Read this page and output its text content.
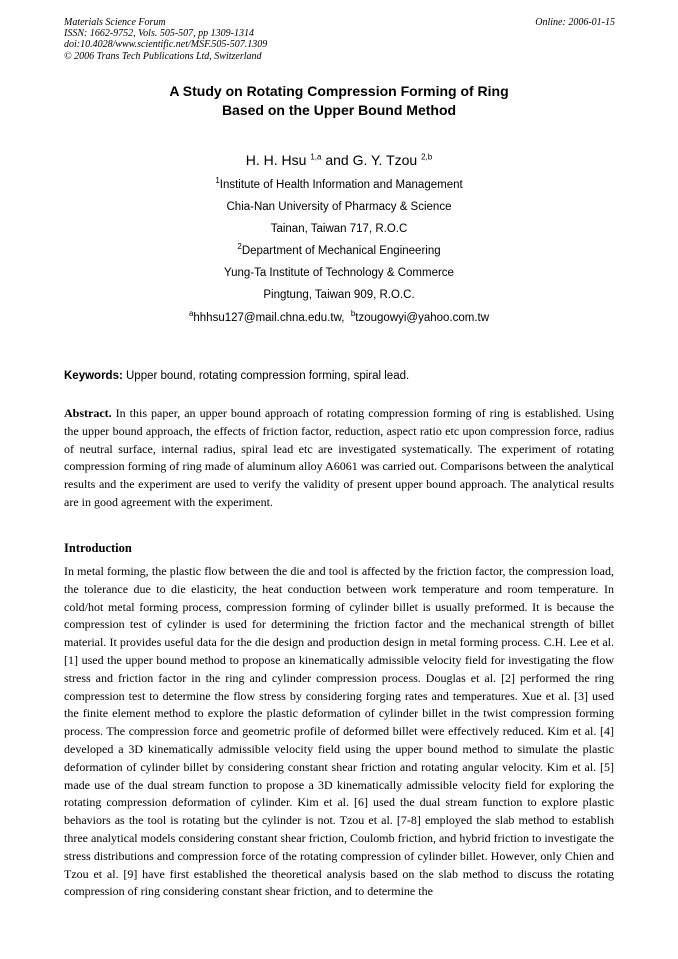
Materials Science Forum
ISSN: 1662-9752, Vols. 505-507, pp 1309-1314
doi:10.4028/www.scientific.net/MSF.505-507.1309
© 2006 Trans Tech Publications Ltd, Switzerland
Online: 2006-01-15
A Study on Rotating Compression Forming of Ring
Based on the Upper Bound Method
H. H. Hsu $^{1,a}$ and G. Y. Tzou $^{2,b}$
$^1$Institute of Health Information and Management
Chia-Nan University of Pharmacy & Science
Tainan, Taiwan 717, R.O.C
$^2$Department of Mechanical Engineering
Yung-Ta Institute of Technology & Commerce
Pingtung, Taiwan 909, R.O.C.
$^a$hhhsu127@mail.chna.edu.tw, $^b$tzougowyi@yahoo.com.tw
Keywords: Upper bound, rotating compression forming, spiral lead.
Abstract. In this paper, an upper bound approach of rotating compression forming of ring is established. Using the upper bound approach, the effects of friction factor, reduction, aspect ratio etc upon compression force, radius of neutral surface, internal radius, spiral lead etc are investigated systematically. The experiment of rotating compression forming of ring made of aluminum alloy A6061 was carried out. Comparisons between the analytical results and the experiment are used to verify the validity of present upper bound approach. The analytical results are in good agreement with the experiment.
Introduction
In metal forming, the plastic flow between the die and tool is affected by the friction factor, the compression load, the tolerance due to die elasticity, the heat conduction between work temperature and room temperature. In cold/hot metal forming process, compression forming of cylinder billet is usually preformed. It is because the compression test of cylinder is used for determining the friction factor and the mechanical strength of billet material. It provides useful data for the die design and production design in metal forming process. C.H. Lee et al. [1] used the upper bound method to propose an kinematically admissible velocity field for investigating the flow stress and friction factor in the ring and cylinder compression process. Douglas et al. [2] performed the ring compression test to determine the flow stress by considering forging rates and temperatures. Xue et al. [3] used the finite element method to explore the plastic deformation of cylinder billet in the twist compression forming process. The compression force and geometric profile of deformed billet were effectively reduced. Kim et al. [4] developed a 3D kinematically admissible velocity field using the upper bound method to simulate the plastic deformation of cylinder billet by considering constant shear friction and rotating angular velocity. Kim et al. [5] made use of the dual stream function to propose a 3D kinematically admissible velocity field for exploring the rotating compression deformation of cylinder. Kim et al. [6] used the dual stream function to explore plastic behaviors as the tool is rotating but the cylinder is not. Tzou et al. [7-8] employed the slab method to establish three analytical models considering constant shear friction, Coulomb friction, and hybrid friction to investigate the stress distributions and compression force of the rotating compression of cylinder billet. However, only Chien and Tzou et al. [9] have first established the theoretical analysis based on the slab method to discuss the rotating compression of ring considering constant shear friction, and to determine the
